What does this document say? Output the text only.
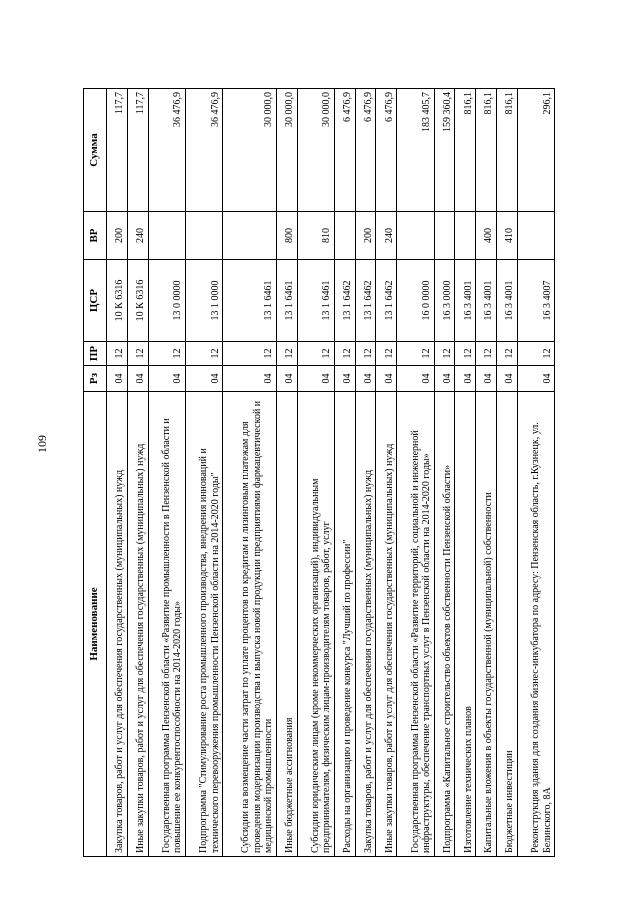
109
Наименование	Рз	ПР	ЦСР	ВР	Сумма
Закупка товаров, работ и услуг для обеспечения государственных (муниципальных) нужд	04	12	10 К 6316	200	117,7
Иные закупки товаров, работ и услуг для обеспечения государственных (муниципальных) нужд	04	12	10 К 6316	240	117,7
Государственная программа Пензенской области «Развитие промышленности в Пензенской области и повышение ее конкурентоспособности на 2014-2020 годы»	04	12	13 0 0000		36 476,9
Подпрограмма "Стимулирование роста промышленного производства, внедрения инноваций и технического перевооружения промышленности Пензенской области на 2014-2020 годы"	04	12	13 1 0000		36 476,9
Субсидии на возмещение части затрат по уплате процентов по кредитам и лизинговым платежам для проведения модернизации производства и выпуска новой продукции предприятиями фармацевтической и медицинской промышленности	04	12	13 1 6461		30 000,0
Иные бюджетные ассигнования	04	12	13 1 6461	800	30 000,0
Субсидии юридическим лицам (кроме некоммерческих организаций), индивидуальным предпринимателям, физическим лицам-производителям товаров, работ, услуг	04	12	13 1 6461	810	30 000,0
Расходы на организацию и проведение конкурса "Лучший по профессии"	04	12	13 1 6462		6 476,9
Закупка товаров, работ и услуг для обеспечения государственных (муниципальных) нужд	04	12	13 1 6462	200	6 476,9
Иные закупки товаров, работ и услуг для обеспечения государственных (муниципальных) нужд	04	12	13 1 6462	240	6 476,9
Государственная программа Пензенской области «Развитие территорий, социальной и инженерной инфраструктуры, обеспечение транспортных услуг в Пензенской области на 2014-2020 годы»	04	12	16 0 0000		183 405,7
Подпрограмма «Капитальное строительство объектов собственности Пензенской области»	04	12	16 3 0000		159 360,4
Изготовление технических планов	04	12	16 3 4001		816,1
Капитальные вложения в объекты государственной (муниципальной) собственности	04	12	16 3 4001	400	816,1
Бюджетные инвестиции	04	12	16 3 4001	410	816,1
Реконструкция здания для создания бизнес-инкубатора по адресу: Пензенская область, г.Кузнецк, ул. Белинского, 8А	04	12	16 3 4007		296,1
